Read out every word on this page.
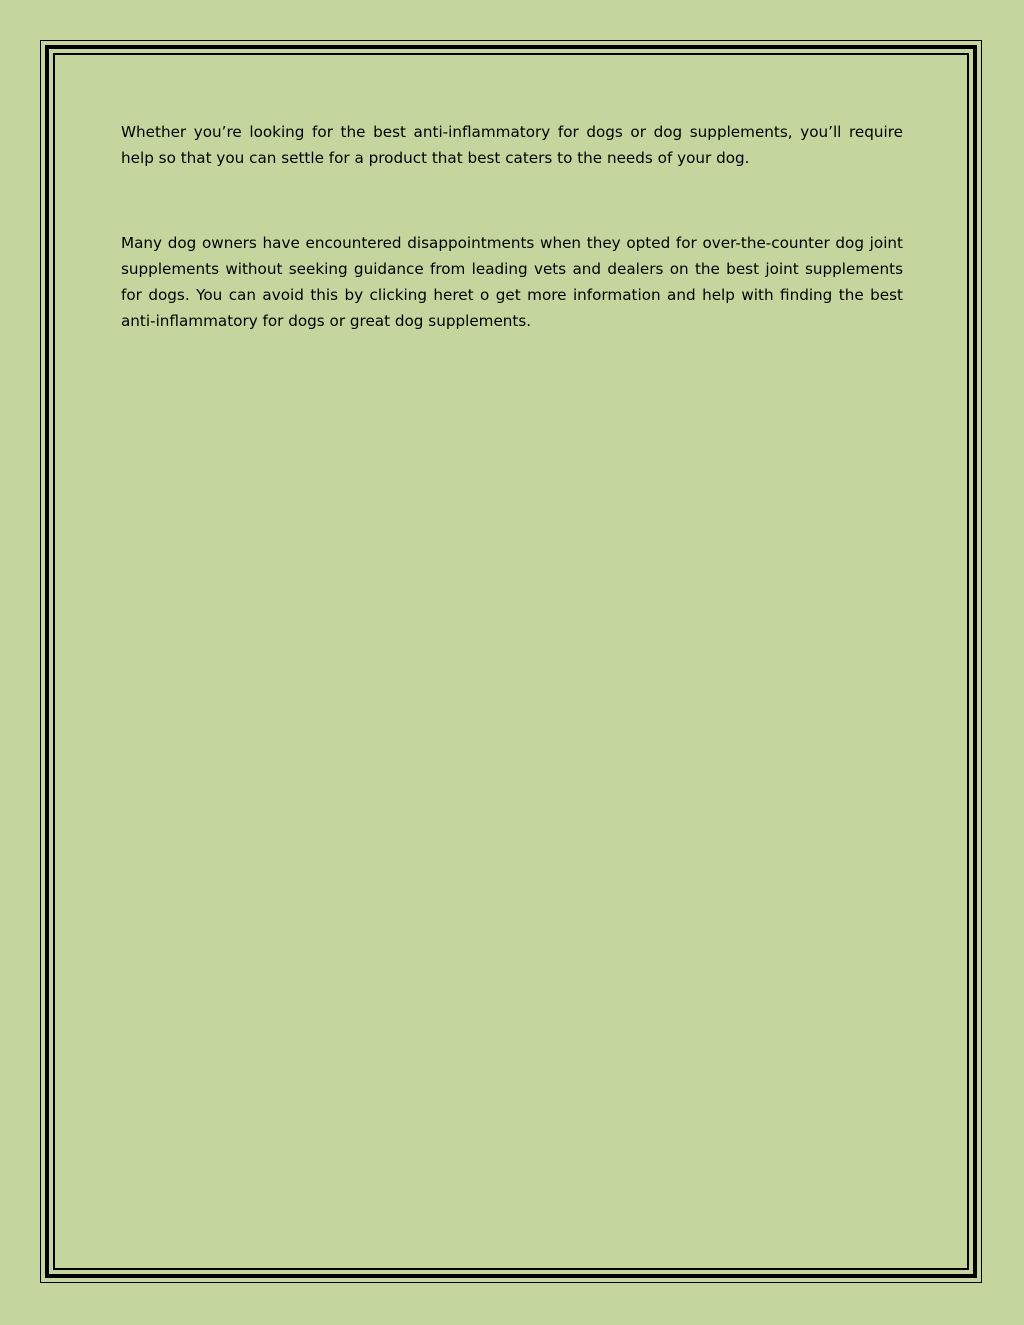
Whether you’re looking for the best anti-inflammatory for dogs or dog supplements, you’ll require help so that you can settle for a product that best caters to the needs of your dog.

Many dog owners have encountered disappointments when they opted for over-the-counter dog joint supplements without seeking guidance from leading vets and dealers on the best joint supplements for dogs. You can avoid this by clicking heret o get more information and help with finding the best anti-inflammatory for dogs or great dog supplements.
